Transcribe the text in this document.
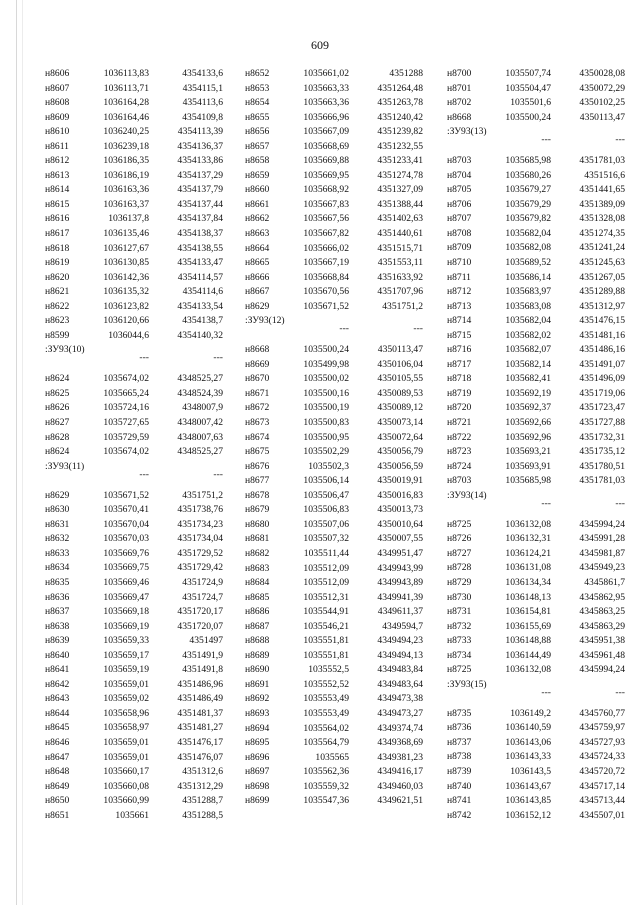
609
н8606	1036113,83	4354133,6
н8607	1036113,71	4354115,1
н8608	1036164,28	4354113,6
н8609	1036164,46	4354109,8
н8610	1036240,25	4354113,39
н8611	1036239,18	4354136,37
н8612	1036186,35	4354133,86
н8613	1036186,19	4354137,29
н8614	1036163,36	4354137,79
н8615	1036163,37	4354137,44
н8616	1036137,8	4354137,84
н8617	1036135,46	4354138,37
н8618	1036127,67	4354138,55
н8619	1036130,85	4354133,47
н8620	1036142,36	4354114,57
н8621	1036135,32	4354114,6
н8622	1036123,82	4354133,54
н8623	1036120,66	4354138,7
н8599	1036044,6	4354140,32
:ЗУ93(10)
---	---
н8624	1035674,02	4348525,27
н8625	1035665,24	4348524,39
н8626	1035724,16	4348007,9
н8627	1035727,65	4348007,42
н8628	1035729,59	4348007,63
н8624	1035674,02	4348525,27
:ЗУ93(11)
---	---
н8629	1035671,52	4351751,2
н8630	1035670,41	4351738,76
н8631	1035670,04	4351734,23
н8632	1035670,03	4351734,04
н8633	1035669,76	4351729,52
н8634	1035669,75	4351729,42
н8635	1035669,46	4351724,9
н8636	1035669,47	4351724,7
н8637	1035669,18	4351720,17
н8638	1035669,19	4351720,07
н8639	1035659,33	4351497
н8640	1035659,17	4351491,9
н8641	1035659,19	4351491,8
н8642	1035659,01	4351486,96
н8643	1035659,02	4351486,49
н8644	1035658,96	4351481,37
н8645	1035658,97	4351481,27
н8646	1035659,01	4351476,17
н8647	1035659,01	4351476,07
н8648	1035660,17	4351312,6
н8649	1035660,08	4351312,29
н8650	1035660,99	4351288,7
н8651	1035661	4351288,5
н8652	1035661,02	4351288
н8653	1035663,33	4351264,48
н8654	1035663,36	4351263,78
н8655	1035666,96	4351240,42
н8656	1035667,09	4351239,82
н8657	1035668,69	4351232,55
н8658	1035669,88	4351233,41
н8659	1035669,95	4351274,78
н8660	1035668,92	4351327,09
н8661	1035667,83	4351388,44
н8662	1035667,56	4351402,63
н8663	1035667,82	4351440,61
н8664	1035666,02	4351515,71
н8665	1035667,19	4351553,11
н8666	1035668,84	4351633,92
н8667	1035670,56	4351707,96
н8629	1035671,52	4351751,2
:ЗУ93(12)
---	---
н8668	1035500,24	4350113,47
н8669	1035499,98	4350106,04
н8670	1035500,02	4350105,55
н8671	1035500,16	4350089,53
н8672	1035500,19	4350089,12
н8673	1035500,83	4350073,14
н8674	1035500,95	4350072,64
н8675	1035502,29	4350056,79
н8676	1035502,3	4350056,59
н8677	1035506,14	4350019,91
н8678	1035506,47	4350016,83
н8679	1035506,83	4350013,73
н8680	1035507,06	4350010,64
н8681	1035507,32	4350007,55
н8682	1035511,44	4349951,47
н8683	1035512,09	4349943,99
н8684	1035512,09	4349943,89
н8685	1035512,31	4349941,39
н8686	1035544,91	4349611,37
н8687	1035546,21	4349594,7
н8688	1035551,81	4349494,23
н8689	1035551,81	4349494,13
н8690	1035552,5	4349483,84
н8691	1035552,52	4349483,64
н8692	1035553,49	4349473,38
н8693	1035553,49	4349473,27
н8694	1035564,02	4349374,74
н8695	1035564,79	4349368,69
н8696	1035565	4349381,23
н8697	1035562,36	4349416,17
н8698	1035559,32	4349460,03
н8699	1035547,36	4349621,51
н8700	1035507,74	4350028,08
н8701	1035504,47	4350072,29
н8702	1035501,6	4350102,25
н8668	1035500,24	4350113,47
:ЗУ93(13)
---	---
н8703	1035685,98	4351781,03
н8704	1035680,26	4351516,6
н8705	1035679,27	4351441,65
н8706	1035679,29	4351389,09
н8707	1035679,82	4351328,08
н8708	1035682,04	4351274,35
н8709	1035682,08	4351241,24
н8710	1035689,52	4351245,63
н8711	1035686,14	4351267,05
н8712	1035683,97	4351289,88
н8713	1035683,08	4351312,97
н8714	1035682,04	4351476,15
н8715	1035682,02	4351481,16
н8716	1035682,07	4351486,16
н8717	1035682,14	4351491,07
н8718	1035682,41	4351496,09
н8719	1035692,19	4351719,06
н8720	1035692,37	4351723,47
н8721	1035692,66	4351727,88
н8722	1035692,96	4351732,31
н8723	1035693,21	4351735,12
н8724	1035693,91	4351780,51
н8703	1035685,98	4351781,03
:ЗУ93(14)
---	---
н8725	1036132,08	4345994,24
н8726	1036132,31	4345991,28
н8727	1036124,21	4345981,87
н8728	1036131,08	4345949,23
н8729	1036134,34	4345861,7
н8730	1036148,13	4345862,95
н8731	1036154,81	4345863,25
н8732	1036155,69	4345863,29
н8733	1036148,88	4345951,38
н8734	1036144,49	4345961,48
н8725	1036132,08	4345994,24
:ЗУ93(15)
---	---
н8735	1036149,2	4345760,77
н8736	1036140,59	4345759,97
н8737	1036143,06	4345727,93
н8738	1036143,33	4345724,33
н8739	1036143,5	4345720,72
н8740	1036143,67	4345717,14
н8741	1036143,85	4345713,44
н8742	1036152,12	4345507,01
